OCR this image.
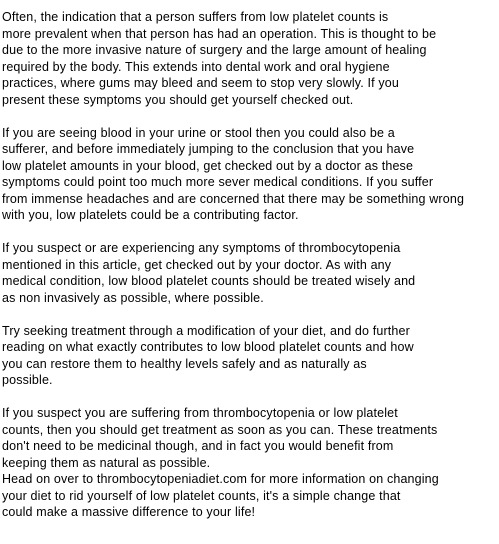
Often, the indication that a person suffers from low platelet counts is
more prevalent when that person has had an operation. This is thought to be
due to the more invasive nature of surgery and the large amount of healing
required by the body. This extends into dental work and oral hygiene
practices, where gums may bleed and seem to stop very slowly. If you
present these symptoms you should get yourself checked out.

If you are seeing blood in your urine or stool then you could also be a
sufferer, and before immediately jumping to the conclusion that you have
low platelet amounts in your blood, get checked out by a doctor as these
symptoms could point too much more sever medical conditions. If you suffer
from immense headaches and are concerned that there may be something wrong
with you, low platelets could be a contributing factor.

If you suspect or are experiencing any symptoms of thrombocytopenia
mentioned in this article, get checked out by your doctor. As with any
medical condition, low blood platelet counts should be treated wisely and
as non invasively as possible, where possible.

Try seeking treatment through a modification of your diet, and do further
reading on what exactly contributes to low blood platelet counts and how
you can restore them to healthy levels safely and as naturally as
possible.

If you suspect you are suffering from thrombocytopenia or low platelet
counts, then you should get treatment as soon as you can. These treatments
don't need to be medicinal though, and in fact you would benefit from
keeping them as natural as possible.
Head on over to thrombocytopeniadiet.com for more information on changing
your diet to rid yourself of low platelet counts, it's a simple change that
could make a massive difference to your life!
